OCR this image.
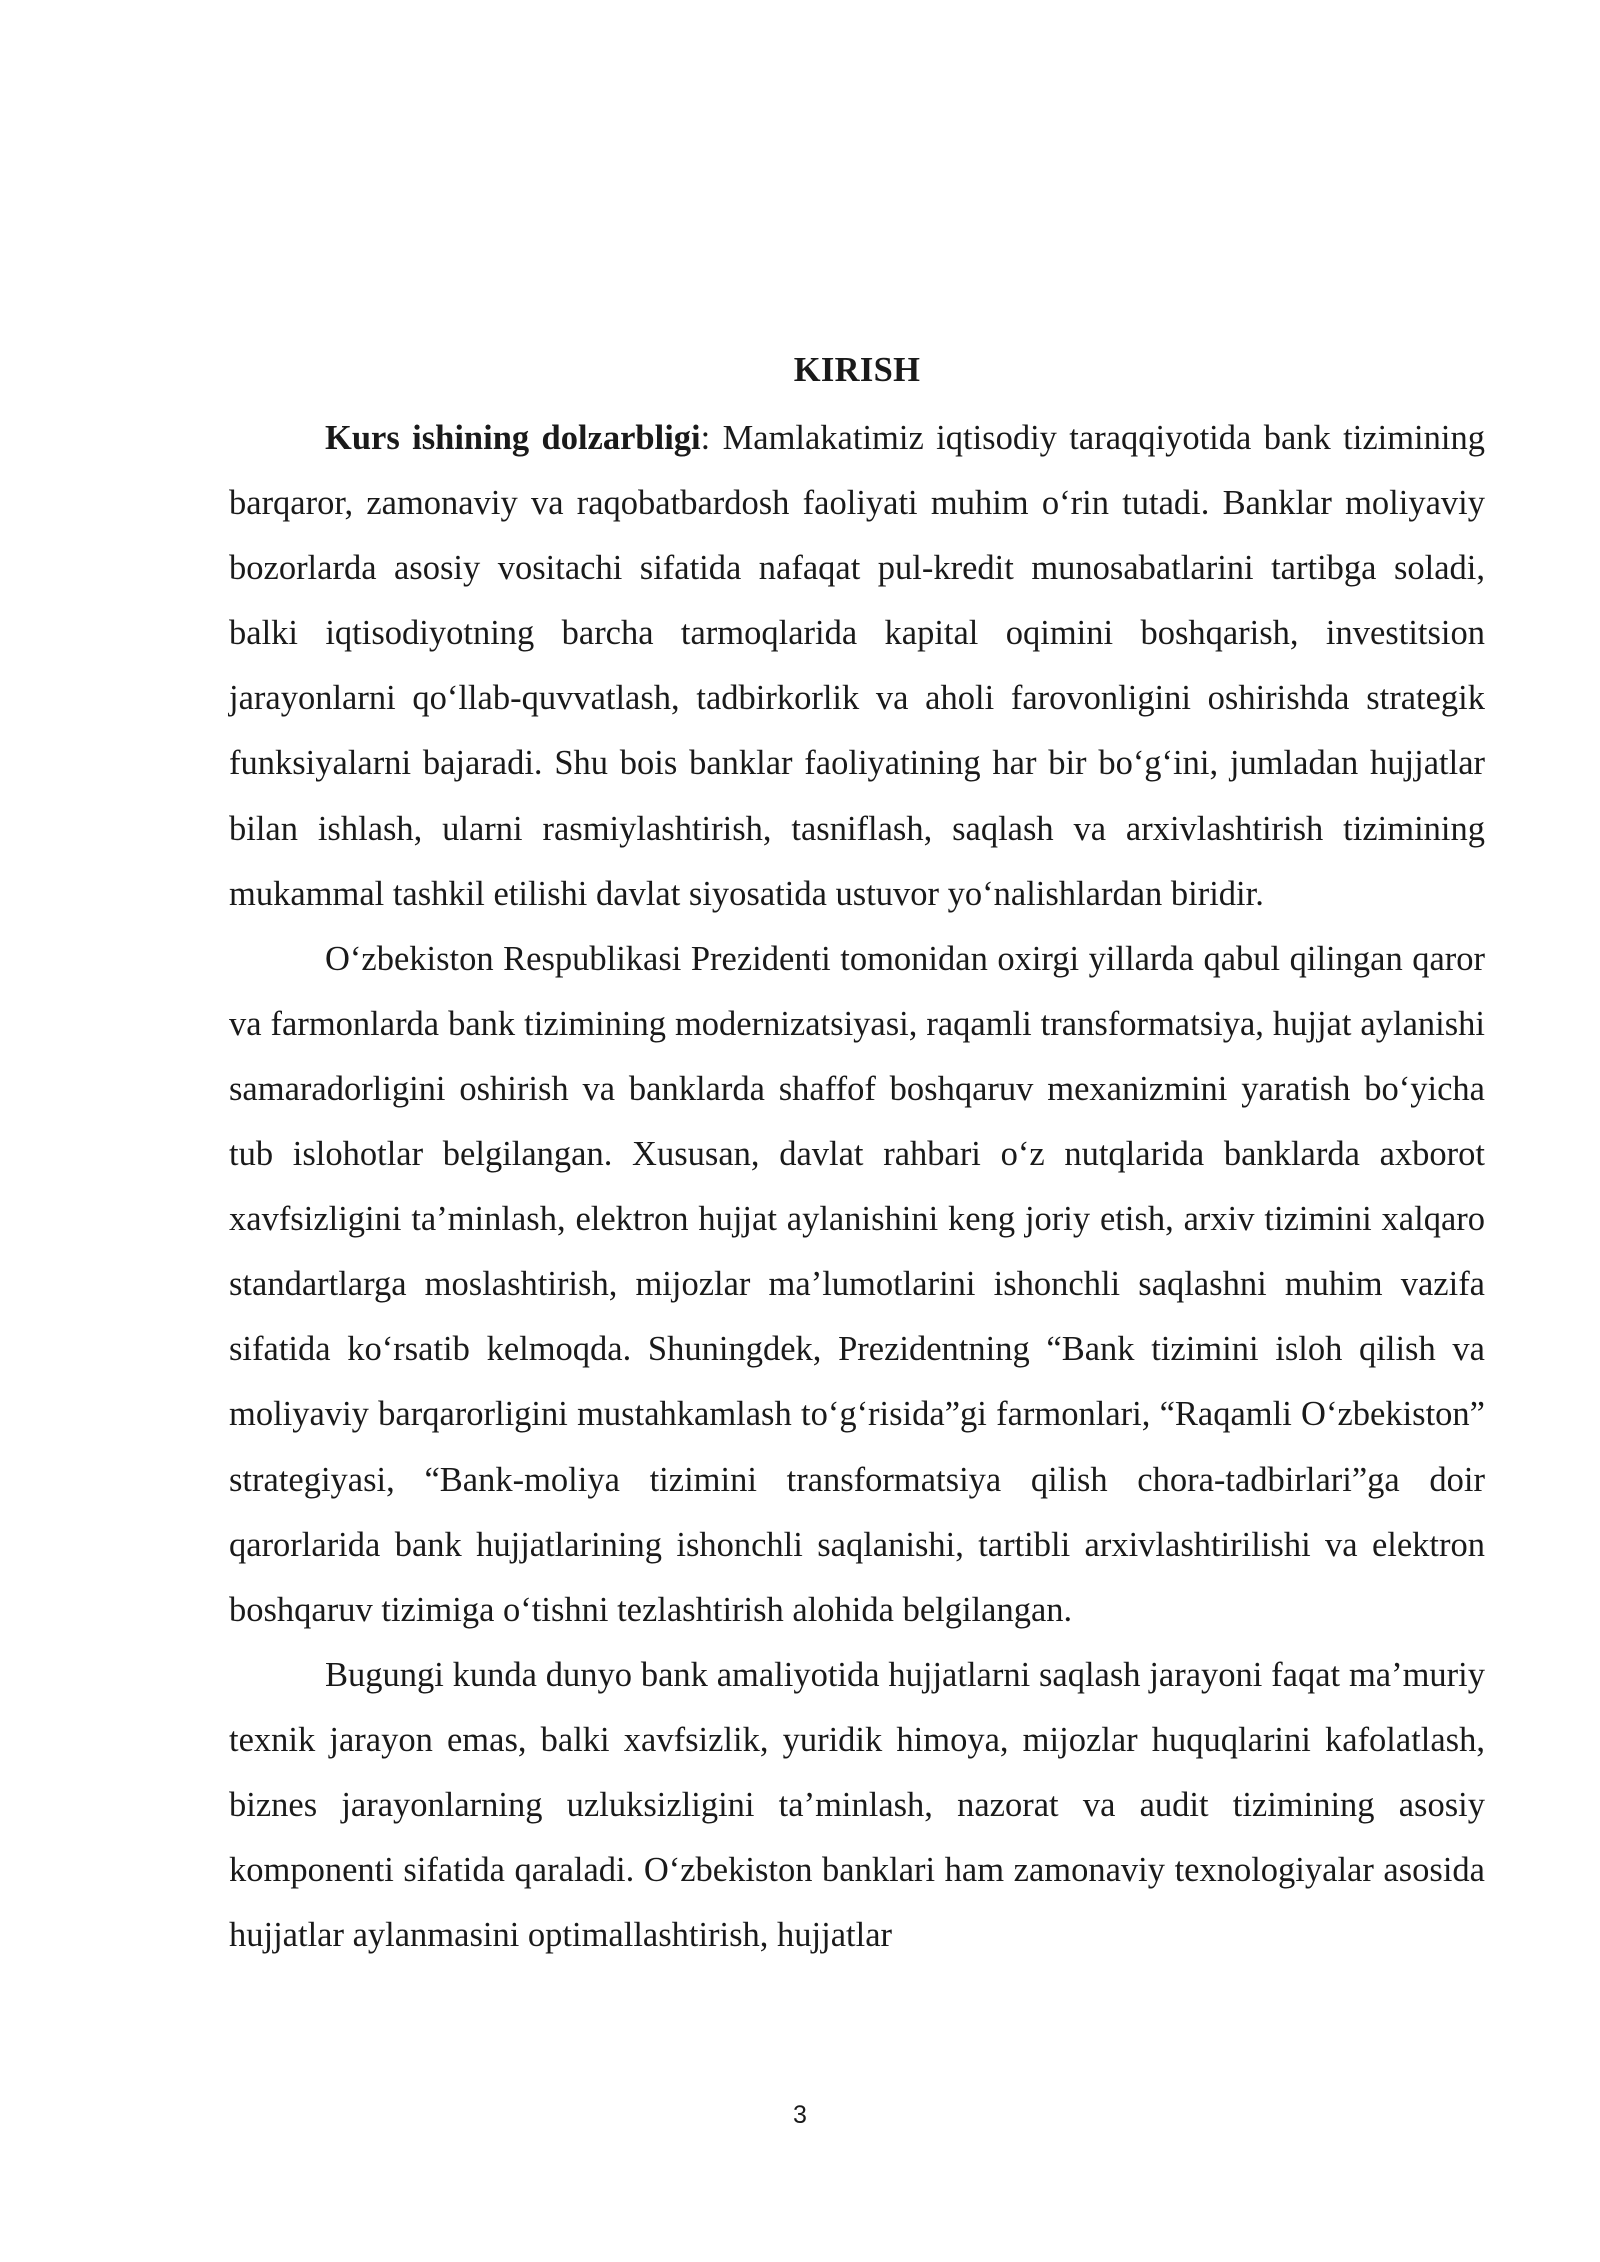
KIRISH

Kurs ishining dolzarbligi: Mamlakatimiz iqtisodiy taraqqiyotida bank tizimining barqaror, zamonaviy va raqobatbardosh faoliyati muhim o‘rin tutadi. Banklar moliyaviy bozorlarda asosiy vositachi sifatida nafaqat pul-kredit munosabatlarini tartibga soladi, balki iqtisodiyotning barcha tarmoqlarida kapital oqimini boshqarish, investitsion jarayonlarni qo‘llab-quvvatlash, tadbirkorlik va aholi farovonligini oshirishda strategik funksiyalarni bajaradi. Shu bois banklar faoliyatining har bir bo‘g‘ini, jumladan hujjatlar bilan ishlash, ularni rasmiylashtirish, tasniflash, saqlash va arxivlashtirish tizimining mukammal tashkil etilishi davlat siyosatida ustuvor yo‘nalishlardan biridir.

O‘zbekiston Respublikasi Prezidenti tomonidan oxirgi yillarda qabul qilingan qaror va farmonlarda bank tizimining modernizatsiyasi, raqamli transformatsiya, hujjat aylanishi samaradorligini oshirish va banklarda shaffof boshqaruv mexanizmini yaratish bo‘yicha tub islohotlar belgilangan. Xususan, davlat rahbari o‘z nutqlarida banklarda axborot xavfsizligini ta’minlash, elektron hujjat aylanishini keng joriy etish, arxiv tizimini xalqaro standartlarga moslashtirish, mijozlar ma’lumotlarini ishonchli saqlashni muhim vazifa sifatida ko‘rsatib kelmoqda. Shuningdek, Prezidentning “Bank tizimini isloh qilish va moliyaviy barqarorligini mustahkamlash to‘g‘risida”gi farmonlari, “Raqamli O‘zbekiston” strategiyasi, “Bank-moliya tizimini transformatsiya qilish chora-tadbirlari”ga doir qarorlarida bank hujjatlarining ishonchli saqlanishi, tartibli arxivlashtirilishi va elektron boshqaruv tizimiga o‘tishni tezlashtirish alohida belgilangan.

Bugungi kunda dunyo bank amaliyotida hujjatlarni saqlash jarayoni faqat ma’muriy texnik jarayon emas, balki xavfsizlik, yuridik himoya, mijozlar huquqlarini kafolatlash, biznes jarayonlarning uzluksizligini ta’minlash, nazorat va audit tizimining asosiy komponenti sifatida qaraladi. O‘zbekiston banklari ham zamonaviy texnologiyalar asosida hujjatlar aylanmasini optimallashtirish, hujjatlar

3
